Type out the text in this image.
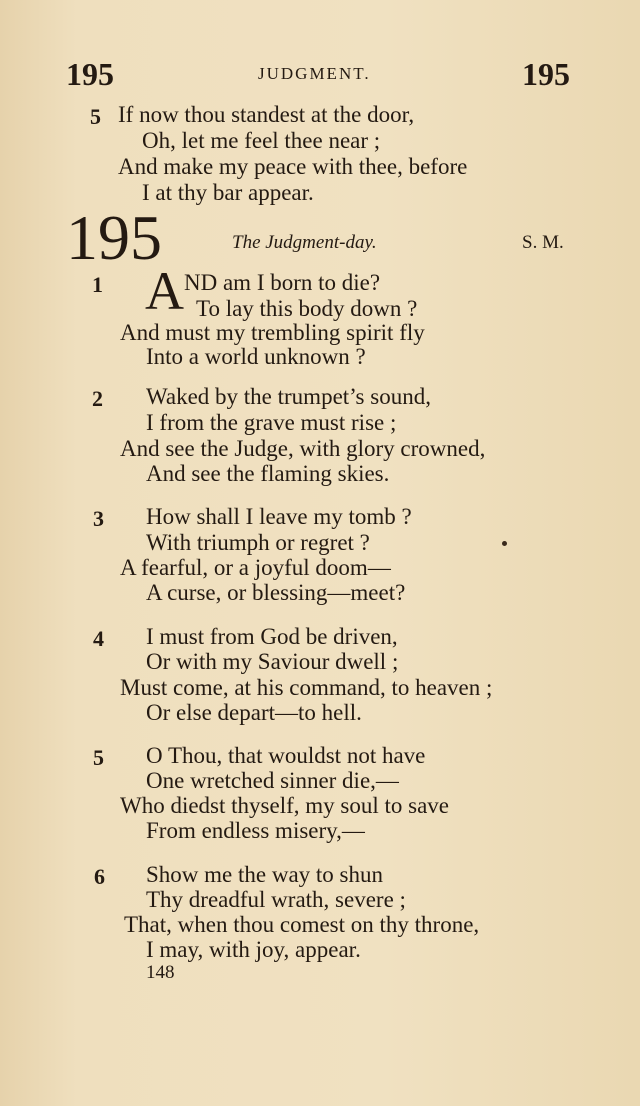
195	JUDGMENT.	195
5 If now thou standest at the door,
Oh, let me feel thee near ;
And make my peace with thee, before
I at thy bar appear.
195	The Judgment-day.	S. M.
1 A ND am I born to die?
To lay this body down ?
And must my trembling spirit fly
Into a world unknown ?
2 Waked by the trumpet’s sound,
I from the grave must rise ;
And see the Judge, with glory crowned,
And see the flaming skies.
3 How shall I leave my tomb ?
With triumph or regret ?
A fearful, or a joyful doom—
A curse, or blessing—meet?
4 I must from God be driven,
Or with my Saviour dwell ;
Must come, at his command, to heaven ;
Or else depart—to hell.
5 O Thou, that wouldst not have
One wretched sinner die,—
Who diedst thyself, my soul to save
From endless misery,—
6 Show me the way to shun
Thy dreadful wrath, severe ;
That, when thou comest on thy throne,
I may, with joy, appear.
148
